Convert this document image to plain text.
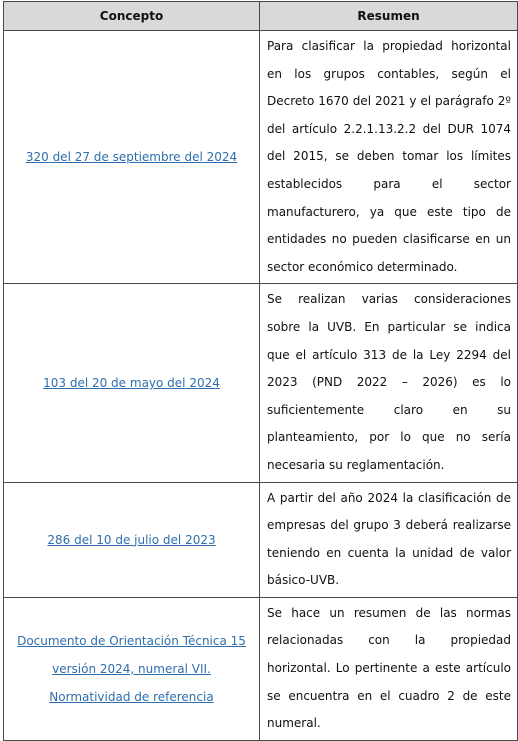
Concepto	Resumen
320 del 27 de septiembre del 2024	Para clasificar la propiedad horizontal en los grupos contables, según el Decreto 1670 del 2021 y el parágrafo 2º del artículo 2.2.1.13.2.2 del DUR 1074 del 2015, se deben tomar los límites establecidos para el sector manufacturero, ya que este tipo de entidades no pueden clasificarse en un sector económico determinado.
103 del 20 de mayo del 2024	Se realizan varias consideraciones sobre la UVB. En particular se indica que el artículo 313 de la Ley 2294 del 2023 (PND 2022 – 2026) es lo suficientemente claro en su planteamiento, por lo que no sería necesaria su reglamentación.
286 del 10 de julio del 2023	A partir del año 2024 la clasificación de empresas del grupo 3 deberá realizarse teniendo en cuenta la unidad de valor básico-UVB.
Documento de Orientación Técnica 15 versión 2024, numeral VII. Normatividad de referencia	Se hace un resumen de las normas relacionadas con la propiedad horizontal. Lo pertinente a este artículo se encuentra en el cuadro 2 de este numeral.
